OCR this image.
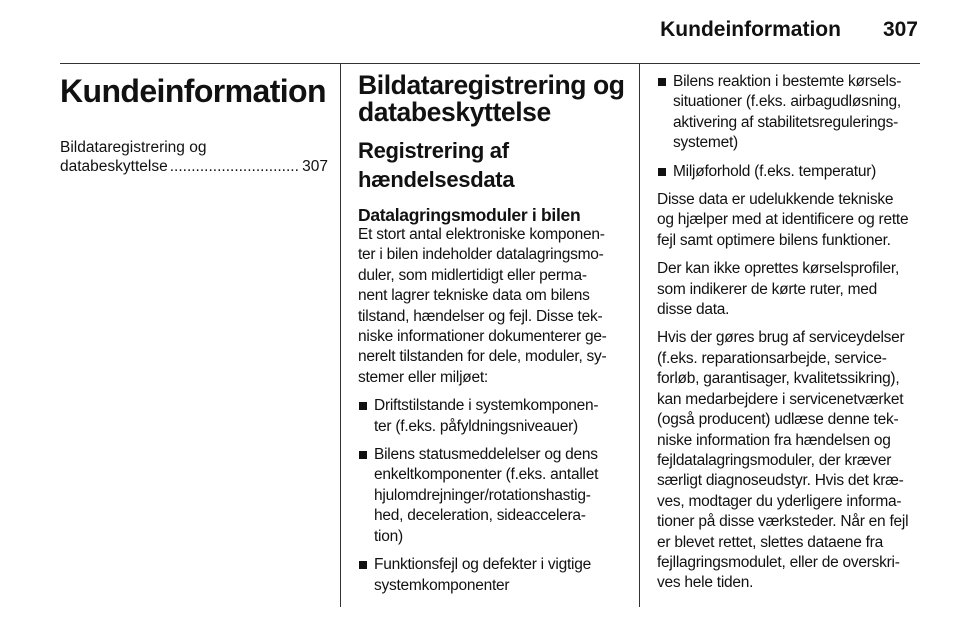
Kundeinformation 307
Kundeinformation
Bildataregistrering og
databeskyttelse
.....	307
Bildataregistrering og
databeskyttelse
Registrering af
hændelsesdata
Datalagringsmoduler i bilen
Et stort antal elektroniske komponen-
ter i bilen indeholder datalagringsmo-
duler, som midlertidigt eller perma-
nent lagrer tekniske data om bilens
tilstand, hændelser og fejl. Disse tek-
niske informationer dokumenterer ge-
nerelt tilstanden for dele, moduler, sy-
stemer eller miljøet:
Driftstilstande i systemkomponen-
ter (f.eks. påfyldningsniveauer)
Bilens statusmeddelelser og dens
enkeltkomponenter (f.eks. antallet
hjulomdrejninger/rotationshastig-
hed, deceleration, sideaccelera-
tion)
Funktionsfejl og defekter i vigtige
systemkomponenter
Bilens reaktion i bestemte kørsels-
situationer (f.eks. airbagudløsning,
aktivering af stabilitetsregulerings-
systemet)
Miljøforhold (f.eks. temperatur)
Disse data er udelukkende tekniske
og hjælper med at identificere og rette
fejl samt optimere bilens funktioner.
Der kan ikke oprettes kørselsprofiler,
som indikerer de kørte ruter, med
disse data.
Hvis der gøres brug af serviceydelser
(f.eks. reparationsarbejde, service-
forløb, garantisager, kvalitetssikring),
kan medarbejdere i servicenetværket
(også producent) udlæse denne tek-
niske information fra hændelsen og
fejldatalagringsmoduler, der kræver
særligt diagnoseudstyr. Hvis det kræ-
ves, modtager du yderligere informa-
tioner på disse værksteder. Når en fejl
er blevet rettet, slettes dataene fra
fejllagringsmodulet, eller de overskri-
ves hele tiden.
